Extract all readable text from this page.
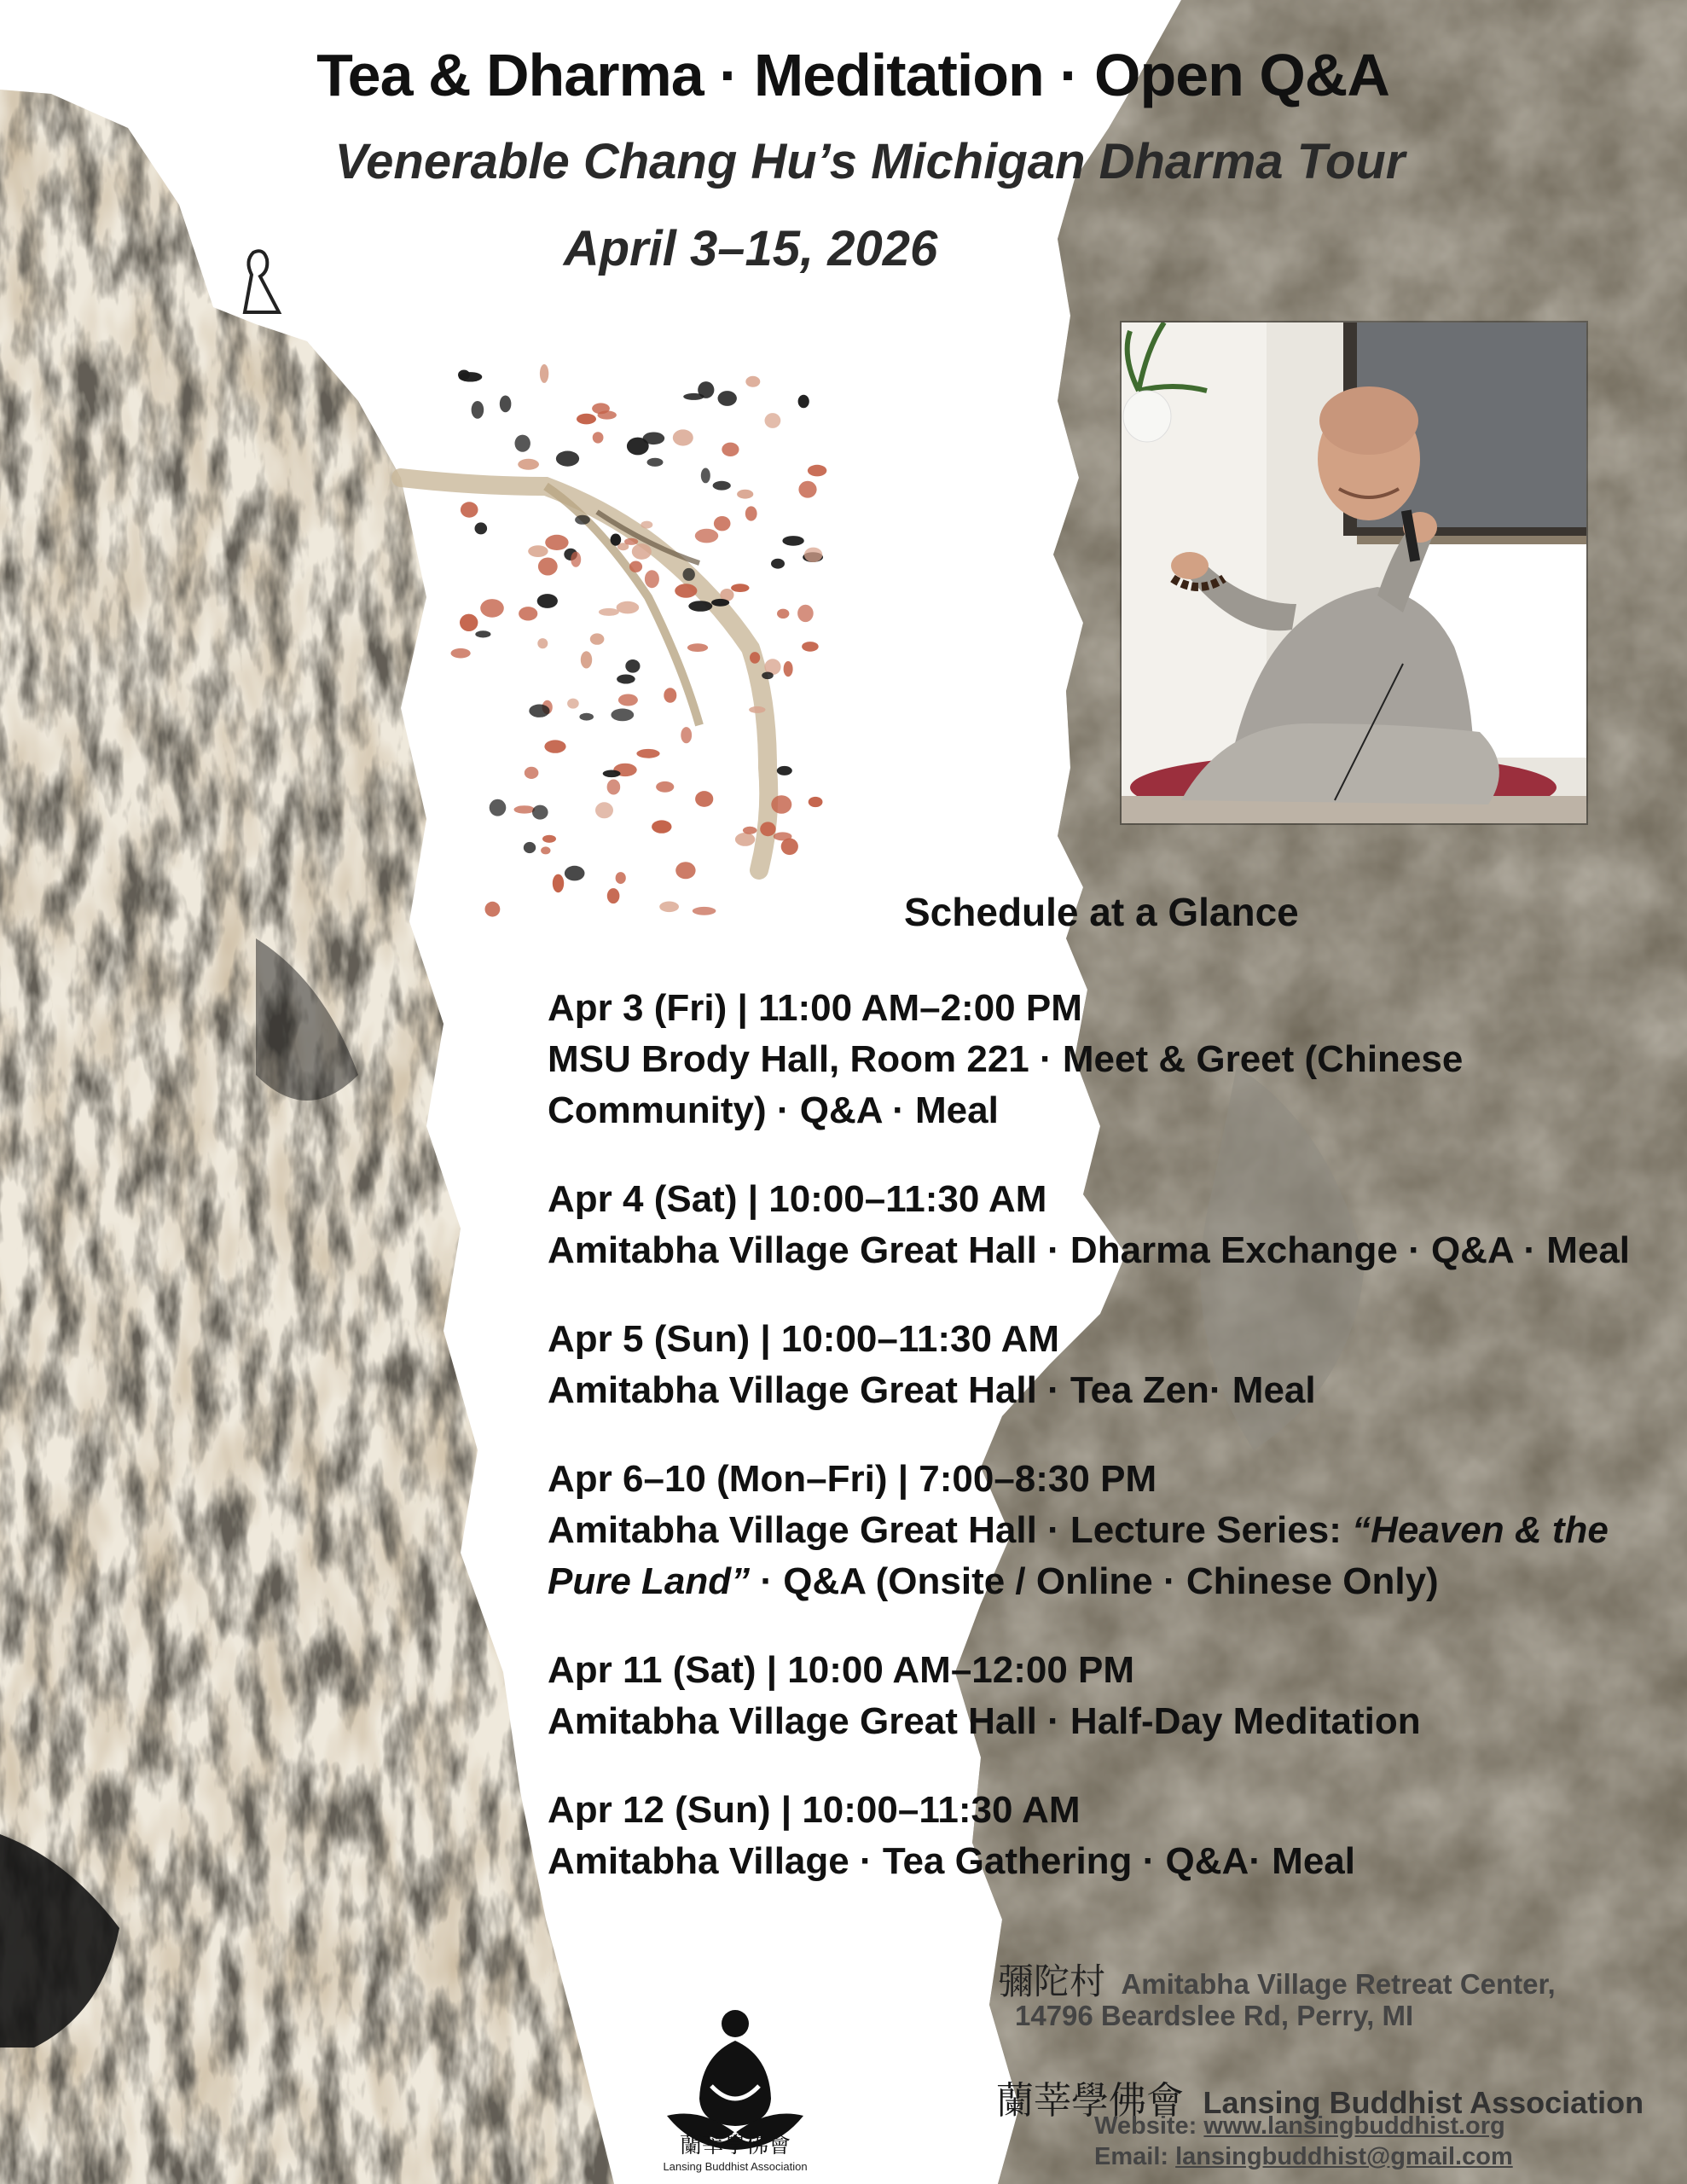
Tea & Dharma · Meditation · Open Q&A
Venerable Chang Hu’s Michigan Dharma Tour
April 3–15, 2026
Schedule at a Glance
Apr 3 (Fri) | 11:00 AM–2:00 PM
MSU Brody Hall, Room 221 · Meet & Greet (Chinese Community) · Q&A · Meal
Apr 4 (Sat) | 10:00–11:30 AM
Amitabha Village Great Hall · Dharma Exchange · Q&A · Meal
Apr 5 (Sun) | 10:00–11:30 AM
Amitabha Village Great Hall · Tea Zen· Meal
Apr 6–10 (Mon–Fri) | 7:00–8:30 PM
Amitabha Village Great Hall · Lecture Series: “Heaven & the Pure Land” · Q&A (Onsite / Online · Chinese Only)
Apr 11 (Sat) | 10:00 AM–12:00 PM
Amitabha Village Great Hall · Half-Day Meditation
Apr 12 (Sun) | 10:00–11:30 AM
Amitabha Village · Tea Gathering · Q&A· Meal
彌陀村 Amitabha Village Retreat Center,
14796 Beardslee Rd, Perry, MI
蘭莘學佛會 Lansing Buddhist Association
Website: www.lansingbuddhist.org
Email: lansingbuddhist@gmail.com
蘭莘學佛會
Lansing Buddhist Association
